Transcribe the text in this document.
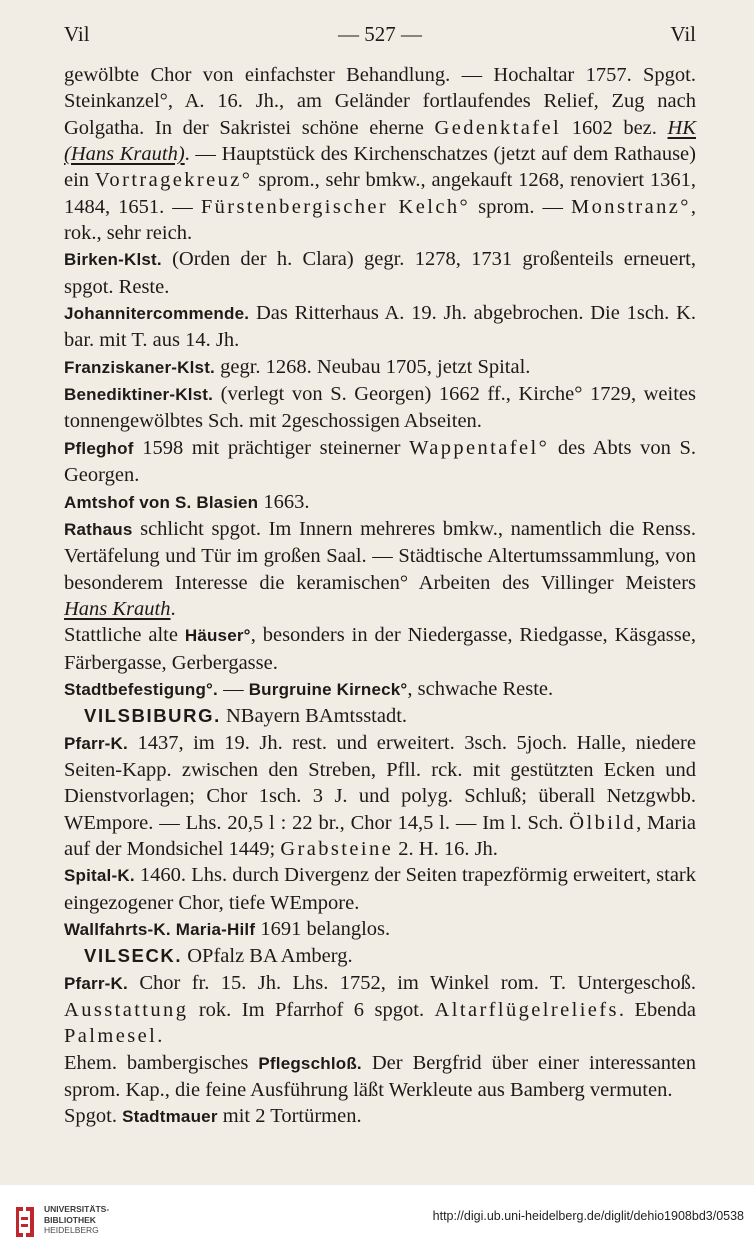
Vil	— 527 —	Vil

gewölbte Chor von einfachster Behandlung. — Hochaltar 1757. Spgot. Steinkanzel°, A. 16. Jh., am Geländer fortlaufendes Relief, Zug nach Golgatha. In der Sakristei schöne eherne Gedenktafel 1602 bez. HK (Hans Krauth). — Hauptstück des Kirchenschatzes (jetzt auf dem Rathause) ein Vortragekreuz° sprom., sehr bmkw., angekauft 1268, renoviert 1361, 1484, 1651. — Fürstenbergischer Kelch° sprom. — Monstranz°, rok., sehr reich.

Birken-Klst. (Orden der h. Clara) gegr. 1278, 1731 großenteils erneuert, spgot. Reste.

Johannitercommende. Das Ritterhaus A. 19. Jh. abgebrochen. Die 1sch. K. bar. mit T. aus 14. Jh.

Franziskaner-Klst. gegr. 1268. Neubau 1705, jetzt Spital.

Benediktiner-Klst. (verlegt von S. Georgen) 1662 ff., Kirche° 1729, weites tonnengewölbtes Sch. mit 2geschossigen Abseiten.

Pfleghof 1598 mit prächtiger steinerner Wappentafel° des Abts von S. Georgen.

Amtshof von S. Blasien 1663.

Rathaus schlicht spgot. Im Innern mehreres bmkw., namentlich die Renss. Vertäfelung und Tür im großen Saal. — Städtische Altertumssammlung, von besonderem Interesse die keramischen° Arbeiten des Villinger Meisters Hans Krauth.

Stattliche alte Häuser°, besonders in der Niedergasse, Riedgasse, Käsgasse, Färbergasse, Gerbergasse.

Stadtbefestigung°. — Burgruine Kirneck°, schwache Reste.

VILSBIBURG. NBayern BAmtsstadt.

Pfarr-K. 1437, im 19. Jh. rest. und erweitert. 3sch. 5joch. Halle, niedere Seiten-Kapp. zwischen den Streben, Pfll. rck. mit gestützten Ecken und Dienstvorlagen; Chor 1sch. 3 J. und polyg. Schluß; überall Netzgwbb. WEmpore. — Lhs. 20,5 l : 22 br., Chor 14,5 l. — Im l. Sch. Ölbild, Maria auf der Mondsichel 1449; Grabsteine 2. H. 16. Jh.

Spital-K. 1460. Lhs. durch Divergenz der Seiten trapezförmig erweitert, stark eingezogener Chor, tiefe WEmpore.

Wallfahrts-K. Maria-Hilf 1691 belanglos.

VILSECK. OPfalz BA Amberg.

Pfarr-K. Chor fr. 15. Jh. Lhs. 1752, im Winkel rom. T. Untergeschoß. Ausstattung rok. Im Pfarrhof 6 spgot. Altarflügelreliefs. Ebenda Palmesel.

Ehem. bambergisches Pflegschloß. Der Bergfrid über einer interessanten sprom. Kap., die feine Ausführung läßt Werkleute aus Bamberg vermuten.

Spgot. Stadtmauer mit 2 Tortürmen.

UNIVERSITÄTS-
BIBLIOTHEK
HEIDELBERG
http://digi.ub.uni-heidelberg.de/diglit/dehio1908bd3/0538
